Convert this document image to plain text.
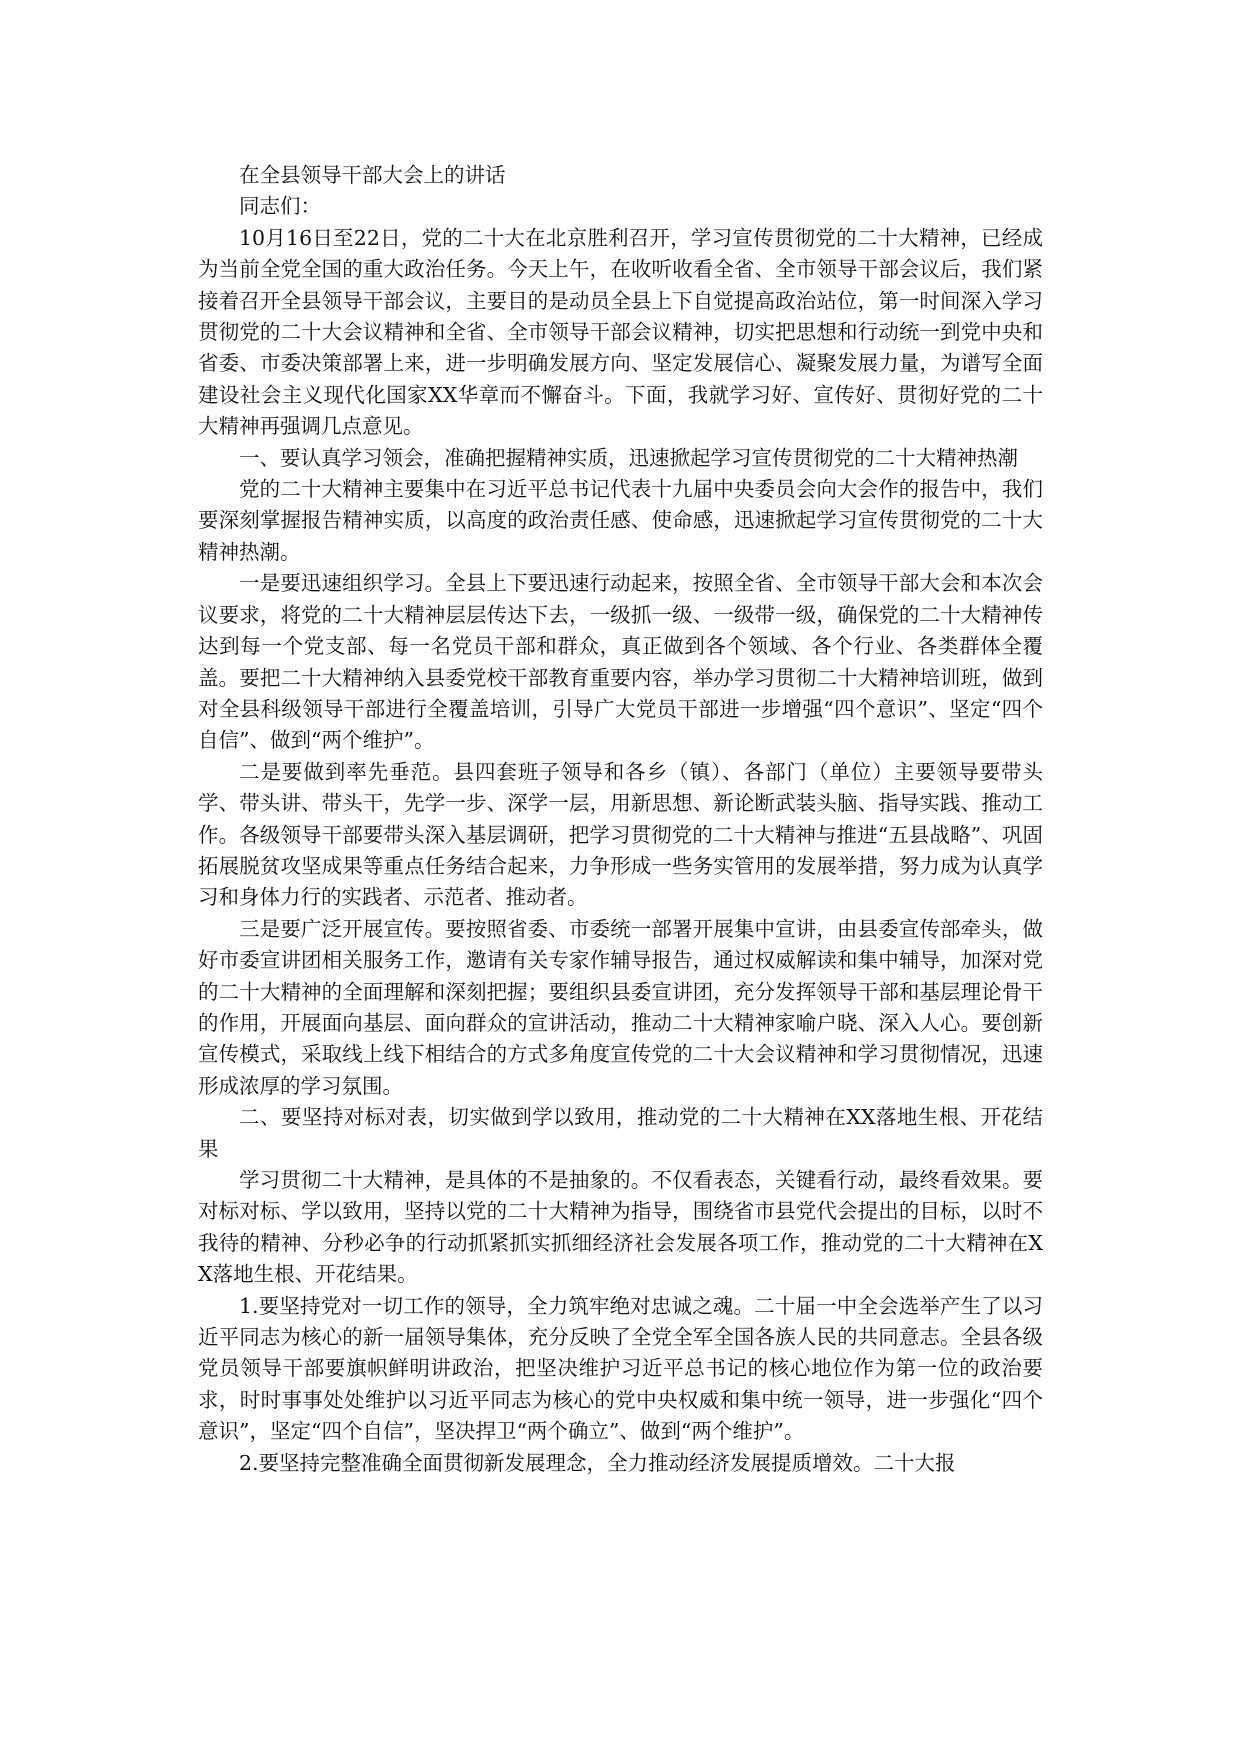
在全县领导干部大会上的讲话

同志们：

10月16日至22日，党的二十大在北京胜利召开，学习宣传贯彻党的二十大精神，已经成为当前全党全国的重大政治任务。今天上午，在收听收看全省、全市领导干部会议后，我们紧接着召开全县领导干部会议，主要目的是动员全县上下自觉提高政治站位，第一时间深入学习贯彻党的二十大会议精神和全省、全市领导干部会议精神，切实把思想和行动统一到党中央和省委、市委决策部署上来，进一步明确发展方向、坚定发展信心、凝聚发展力量，为谱写全面建设社会主义现代化国家XX华章而不懈奋斗。下面，我就学习好、宣传好、贯彻好党的二十大精神再强调几点意见。

一、要认真学习领会，准确把握精神实质，迅速掀起学习宣传贯彻党的二十大精神热潮

党的二十大精神主要集中在习近平总书记代表十九届中央委员会向大会作的报告中，我们要深刻掌握报告精神实质，以高度的政治责任感、使命感，迅速掀起学习宣传贯彻党的二十大精神热潮。

一是要迅速组织学习。全县上下要迅速行动起来，按照全省、全市领导干部大会和本次会议要求，将党的二十大精神层层传达下去，一级抓一级、一级带一级，确保党的二十大精神传达到每一个党支部、每一名党员干部和群众，真正做到各个领域、各个行业、各类群体全覆盖。要把二十大精神纳入县委党校干部教育重要内容，举办学习贯彻二十大精神培训班，做到对全县科级领导干部进行全覆盖培训，引导广大党员干部进一步增强“四个意识”、坚定“四个自信”、做到“两个维护”。

二是要做到率先垂范。县四套班子领导和各乡（镇）、各部门（单位）主要领导要带头学、带头讲、带头干，先学一步、深学一层，用新思想、新论断武装头脑、指导实践、推动工作。各级领导干部要带头深入基层调研，把学习贯彻党的二十大精神与推进“五县战略”、巩固拓展脱贫攻坚成果等重点任务结合起来，力争形成一些务实管用的发展举措，努力成为认真学习和身体力行的实践者、示范者、推动者。

三是要广泛开展宣传。要按照省委、市委统一部署开展集中宣讲，由县委宣传部牵头，做好市委宣讲团相关服务工作，邀请有关专家作辅导报告，通过权威解读和集中辅导，加深对党的二十大精神的全面理解和深刻把握；要组织县委宣讲团，充分发挥领导干部和基层理论骨干的作用，开展面向基层、面向群众的宣讲活动，推动二十大精神家喻户晓、深入人心。要创新宣传模式，采取线上线下相结合的方式多角度宣传党的二十大会议精神和学习贯彻情况，迅速形成浓厚的学习氛围。

二、要坚持对标对表，切实做到学以致用，推动党的二十大精神在XX落地生根、开花结果

学习贯彻二十大精神，是具体的不是抽象的。不仅看表态，关键看行动，最终看效果。要对标对标、学以致用，坚持以党的二十大精神为指导，围绕省市县党代会提出的目标，以时不我待的精神、分秒必争的行动抓紧抓实抓细经济社会发展各项工作，推动党的二十大精神在XX落地生根、开花结果。

1.要坚持党对一切工作的领导，全力筑牢绝对忠诚之魂。二十届一中全会选举产生了以习近平同志为核心的新一届领导集体，充分反映了全党全军全国各族人民的共同意志。全县各级党员领导干部要旗帜鲜明讲政治，把坚决维护习近平总书记的核心地位作为第一位的政治要求，时时事事处处维护以习近平同志为核心的党中央权威和集中统一领导，进一步强化“四个意识”，坚定“四个自信”，坚决捍卫“两个确立”、做到“两个维护”。

2.要坚持完整准确全面贯彻新发展理念，全力推动经济发展提质增效。二十大报
